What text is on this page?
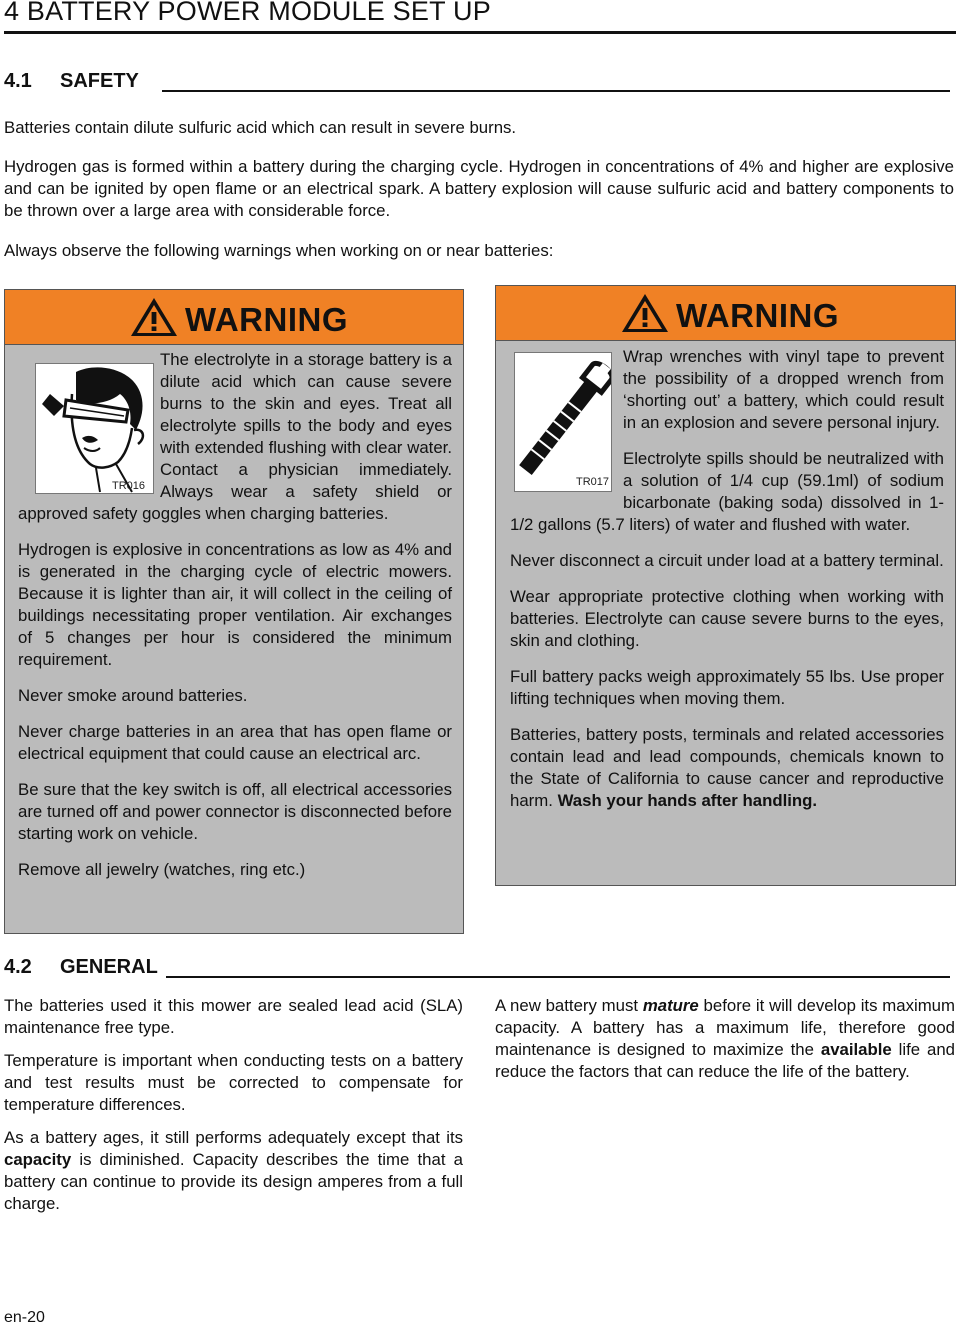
4 BATTERY POWER MODULE SET UP
4.1 SAFETY

Batteries contain dilute sulfuric acid which can result in severe burns.

Hydrogen gas is formed within a battery during the charging cycle. Hydrogen in concentrations of 4% and higher are explosive and can be ignited by open flame or an electrical spark. A battery explosion will cause sulfuric acid and battery components to be thrown over a large area with considerable force.

Always observe the following warnings when working on or near batteries:

WARNING
TR016

The electrolyte in a storage battery is a dilute acid which can cause severe burns to the skin and eyes. Treat all electrolyte spills to the body and eyes with extended flushing with clear water. Contact a physician immediately. Always wear a safety shield or approved safety goggles when charging batteries.

Hydrogen is explosive in concentrations as low as 4% and is generated in the charging cycle of electric mowers. Because it is lighter than air, it will collect in the ceiling of buildings necessitating proper ventilation. Air exchanges of 5 changes per hour is considered the minimum requirement.

Never smoke around batteries.

Never charge batteries in an area that has open flame or electrical equipment that could cause an electrical arc.

Be sure that the key switch is off, all electrical accessories are turned off and power connector is disconnected before starting work on vehicle.

Remove all jewelry (watches, ring etc.)

WARNING
TR017

Wrap wrenches with vinyl tape to prevent the possibility of a dropped wrench from ‘shorting out’ a battery, which could result in an explosion and severe personal injury.

Electrolyte spills should be neutralized with a solution of 1/4 cup (59.1ml) of sodium bicarbonate (baking soda) dissolved in 1-1/2 gallons (5.7 liters) of water and flushed with water.

Never disconnect a circuit under load at a battery terminal.

Wear appropriate protective clothing when working with batteries. Electrolyte can cause severe burns to the eyes, skin and clothing.

Full battery packs weigh approximately 55 lbs. Use proper lifting techniques when moving them.

Batteries, battery posts, terminals and related accessories contain lead and lead compounds, chemicals known to the State of California to cause cancer and reproductive harm. Wash your hands after handling.

4.2 GENERAL

The batteries used it this mower are sealed lead acid (SLA) maintenance free type.

Temperature is important when conducting tests on a battery and test results must be corrected to compensate for temperature differences.

As a battery ages, it still performs adequately except that its capacity is diminished. Capacity describes the time that a battery can continue to provide its design amperes from a full charge.

A new battery must mature before it will develop its maximum capacity. A battery has a maximum life, therefore good maintenance is designed to maximize the available life and reduce the factors that can reduce the life of the battery.

en-20
